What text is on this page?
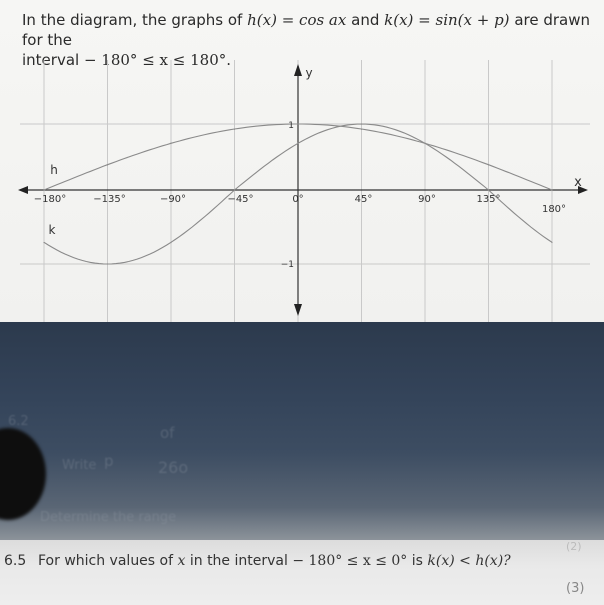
In the diagram, the graphs of h(x) = cos ax and k(x) = sin(x + p) are drawn for the
interval − 180° ≤ x ≤ 180°.
−180°	−135°	−90°	−45°	0°	45°	90°	135°
180°
1
−1
x
y
h
k
6.2
of
Write p	26o
Determine the range
(2)
6.5 For which values of x in the interval − 180° ≤ x ≤ 0° is k(x) < h(x)?
(3)
